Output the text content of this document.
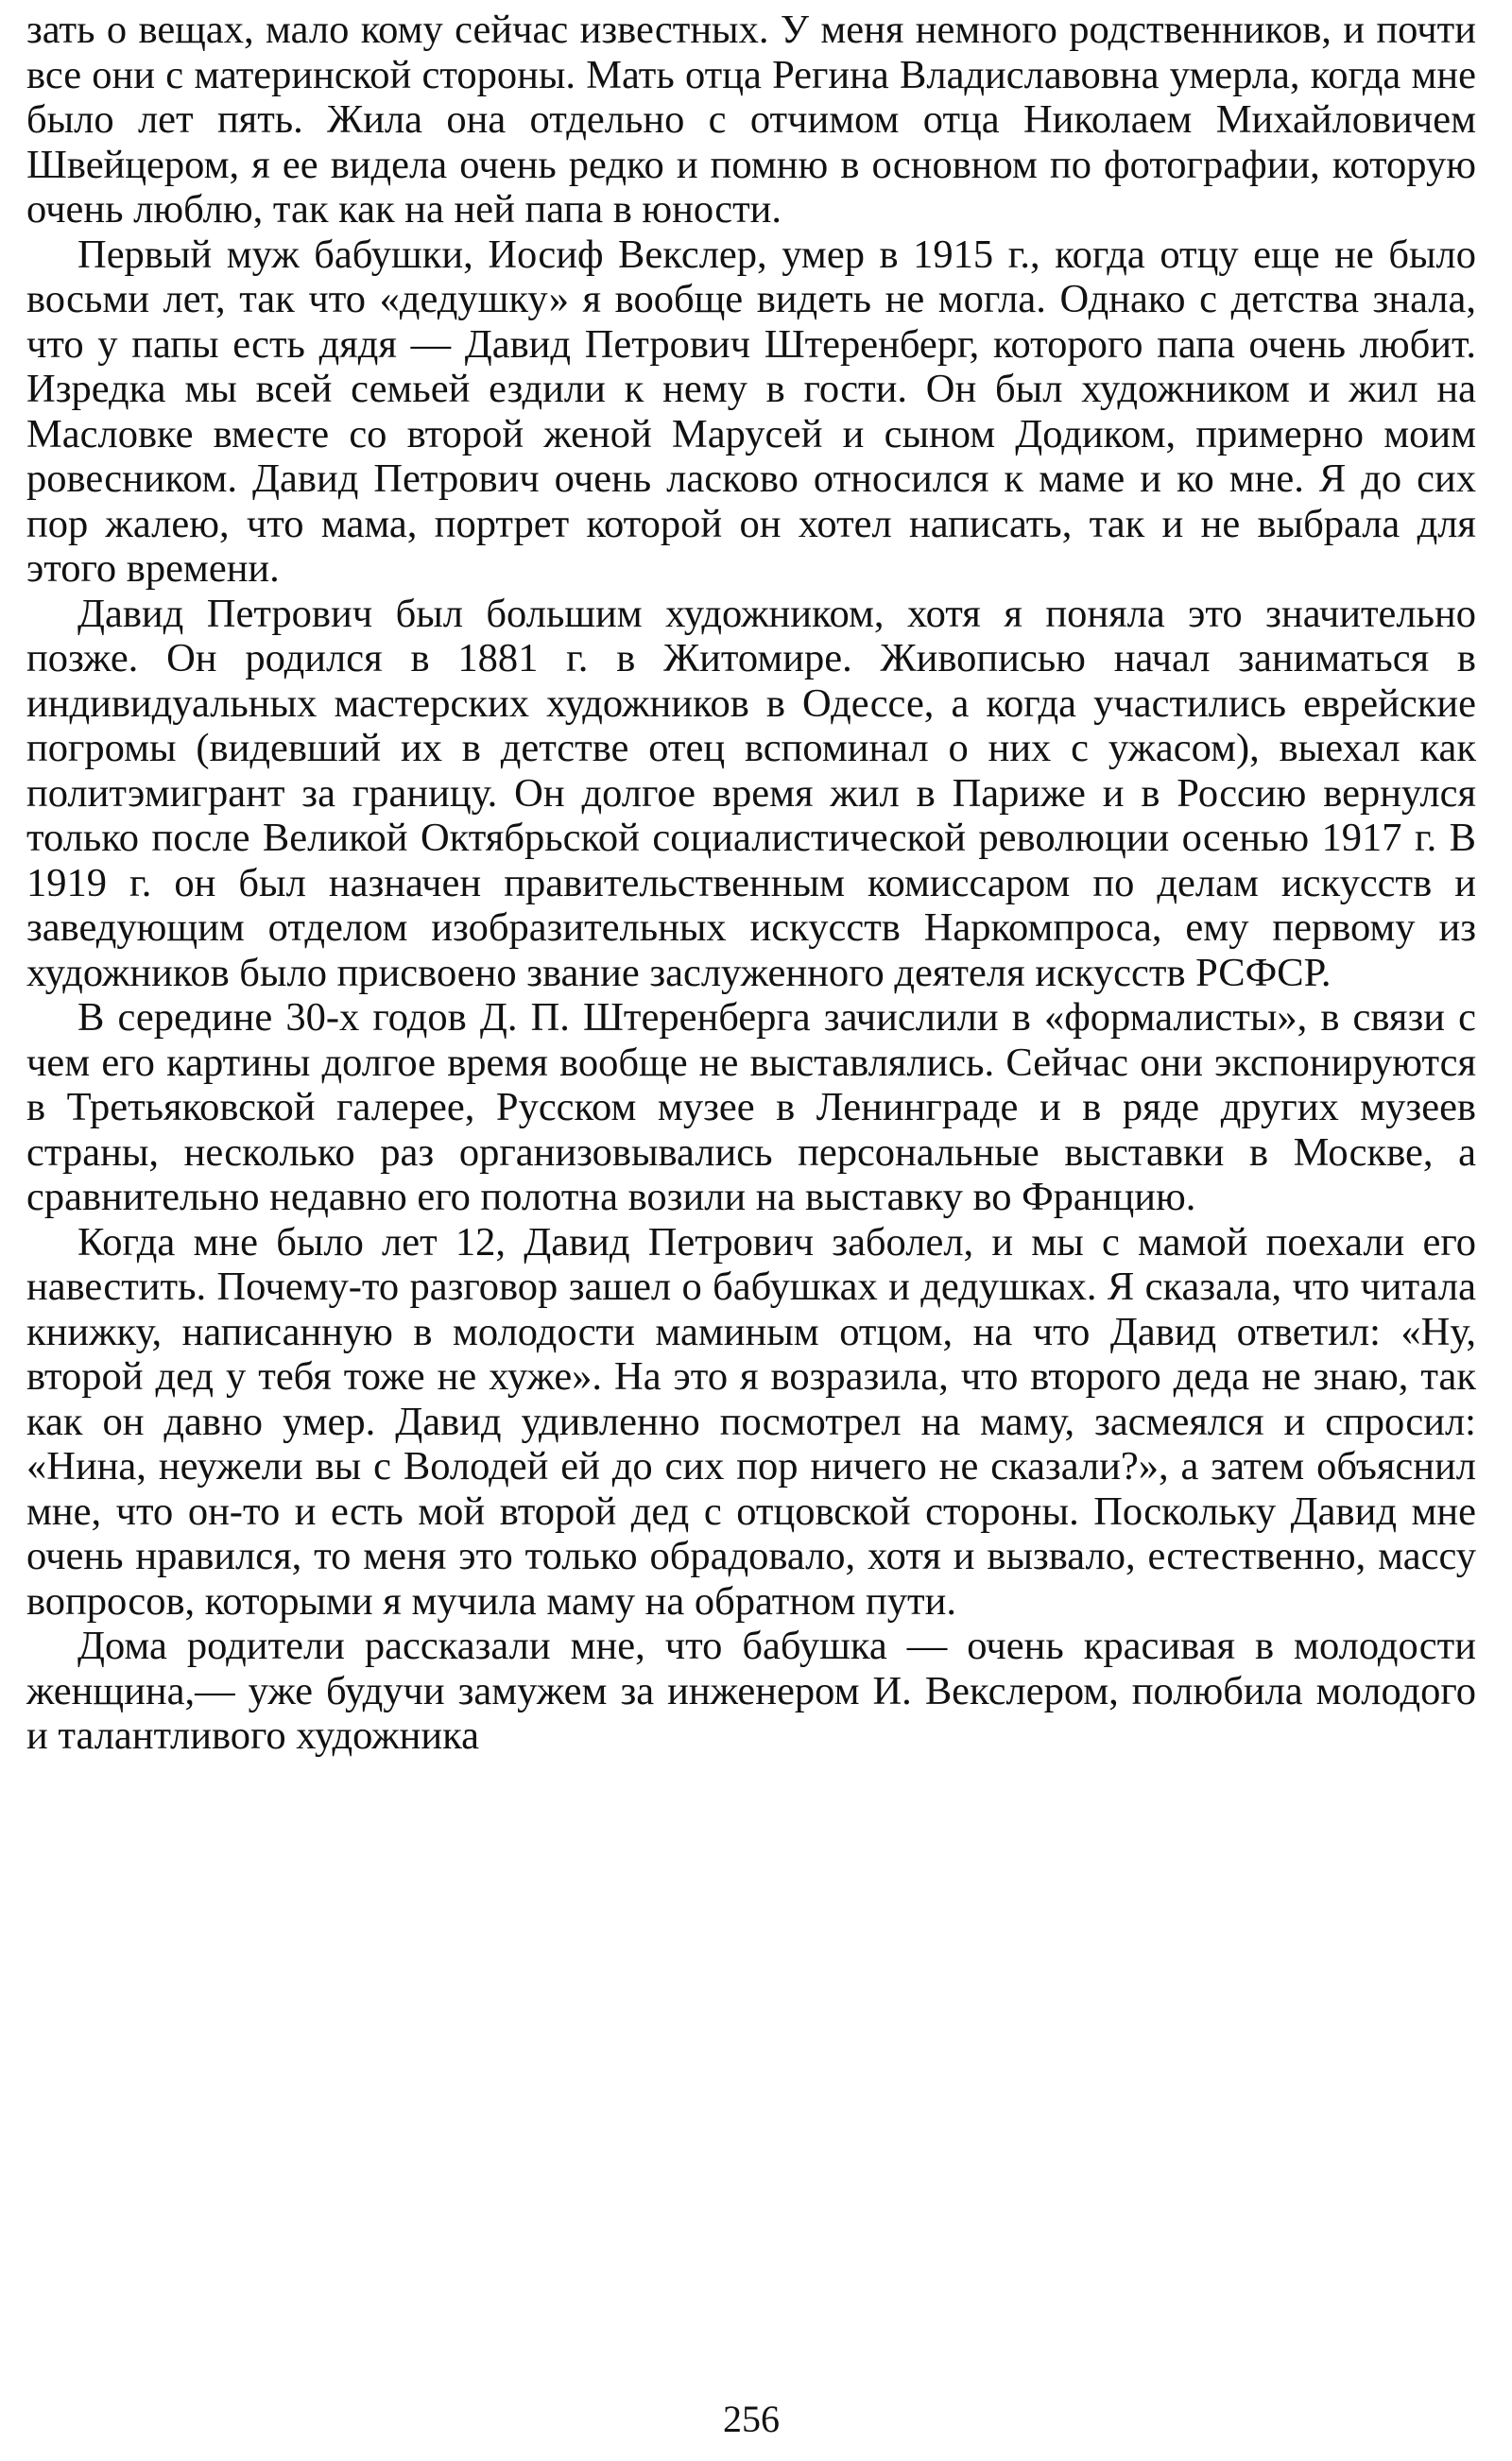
зать о вещах, мало кому сейчас известных. У меня немного родственников, и почти все они с материнской стороны. Мать отца Регина Владиславовна умерла, когда мне было лет пять. Жила она отдельно с отчимом отца Николаем Михайловичем Швейцером, я ее видела очень редко и помню в основном по фотографии, которую очень люблю, так как на ней папа в юности.

Первый муж бабушки, Иосиф Векслер, умер в 1915 г., когда отцу еще не было восьми лет, так что «дедушку» я вообще видеть не могла. Однако с детства знала, что у папы есть дядя — Давид Петрович Штеренберг, которого папа очень любит. Изредка мы всей семьей ездили к нему в гости. Он был художником и жил на Масловке вместе со второй женой Марусей и сыном Додиком, примерно моим ровесником. Давид Петрович очень ласково относился к маме и ко мне. Я до сих пор жалею, что мама, портрет которой он хотел написать, так и не выбрала для этого времени.

Давид Петрович был большим художником, хотя я поняла это значительно позже. Он родился в 1881 г. в Житомире. Живописью начал заниматься в индивидуальных мастерских художников в Одессе, а когда участились еврейские погромы (видевший их в детстве отец вспоминал о них с ужасом), выехал как политэмигрант за границу. Он долгое время жил в Париже и в Россию вернулся только после Великой Октябрьской социалистической революции осенью 1917 г. В 1919 г. он был назначен правительственным комиссаром по делам искусств и заведующим отделом изобразительных искусств Наркомпроса, ему первому из художников было присвоено звание заслуженного деятеля искусств РСФСР.

В середине 30-х годов Д. П. Штеренберга зачислили в «формалисты», в связи с чем его картины долгое время вообще не выставлялись. Сейчас они экспонируются в Третьяковской галерее, Русском музее в Ленинграде и в ряде других музеев страны, несколько раз организовывались персональные выставки в Москве, а сравнительно недавно его полотна возили на выставку во Францию.

Когда мне было лет 12, Давид Петрович заболел, и мы с мамой поехали его навестить. Почему-то разговор зашел о бабушках и дедушках. Я сказала, что читала книжку, написанную в молодости маминым отцом, на что Давид ответил: «Ну, второй дед у тебя тоже не хуже». На это я возразила, что второго деда не знаю, так как он давно умер. Давид удивленно посмотрел на маму, засмеялся и спросил: «Нина, неужели вы с Володей ей до сих пор ничего не сказали?», а затем объяснил мне, что он-то и есть мой второй дед с отцовской стороны. Поскольку Давид мне очень нравился, то меня это только обрадовало, хотя и вызвало, естественно, массу вопросов, которыми я мучила маму на обратном пути.

Дома родители рассказали мне, что бабушка — очень красивая в молодости женщина,— уже будучи замужем за инженером И. Векслером, полюбила молодого и талантливого художника

256
